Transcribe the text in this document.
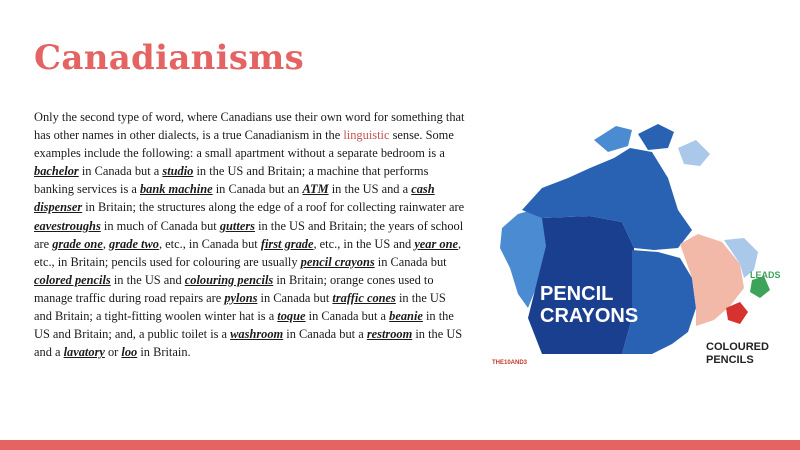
Canadianisms
Only the second type of word, where Canadians use their own word for something that has other names in other dialects, is a true Canadianism in the linguistic sense. Some examples include the following: a small apartment without a separate bedroom is a bachelor in Canada but a studio in the US and Britain; a machine that performs banking services is a bank machine in Canada but an ATM in the US and a cash dispenser in Britain; the structures along the edge of a roof for collecting rainwater are eavestroughs in much of Canada but gutters in the US and Britain; the years of school are grade one, grade two, etc., in Canada but first grade, etc., in the US and year one, etc., in Britain; pencils used for colouring are usually pencil crayons in Canada but colored pencils in the US and colouring pencils in Britain; orange cones used to manage traffic during road repairs are pylons in Canada but traffic cones in the US and Britain; a tight-fitting woolen winter hat is a toque in Canada but a beanie in the US and Britain; and, a public toilet is a washroom in Canada but a restroom in the US and a lavatory or loo in Britain.
PENCIL
CRAYONS
LEADS
COLOURED
PENCILS
THE10AND3
